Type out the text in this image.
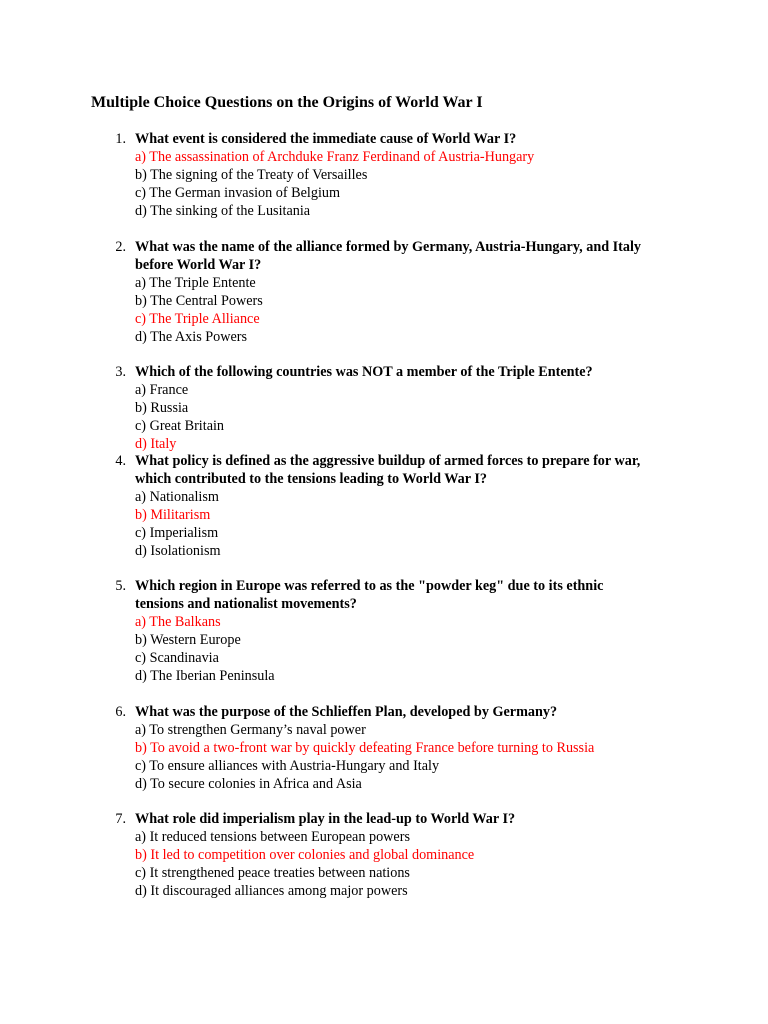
Multiple Choice Questions on the Origins of World War I
1. What event is considered the immediate cause of World War I?
a) The assassination of Archduke Franz Ferdinand of Austria-Hungary
b) The signing of the Treaty of Versailles
c) The German invasion of Belgium
d) The sinking of the Lusitania
2. What was the name of the alliance formed by Germany, Austria-Hungary, and Italy
before World War I?
a) The Triple Entente
b) The Central Powers
c) The Triple Alliance
d) The Axis Powers
3. Which of the following countries was NOT a member of the Triple Entente?
a) France
b) Russia
c) Great Britain
d) Italy
4. What policy is defined as the aggressive buildup of armed forces to prepare for war,
which contributed to the tensions leading to World War I?
a) Nationalism
b) Militarism
c) Imperialism
d) Isolationism
5. Which region in Europe was referred to as the "powder keg" due to its ethnic
tensions and nationalist movements?
a) The Balkans
b) Western Europe
c) Scandinavia
d) The Iberian Peninsula
6. What was the purpose of the Schlieffen Plan, developed by Germany?
a) To strengthen Germany’s naval power
b) To avoid a two-front war by quickly defeating France before turning to Russia
c) To ensure alliances with Austria-Hungary and Italy
d) To secure colonies in Africa and Asia
7. What role did imperialism play in the lead-up to World War I?
a) It reduced tensions between European powers
b) It led to competition over colonies and global dominance
c) It strengthened peace treaties between nations
d) It discouraged alliances among major powers
